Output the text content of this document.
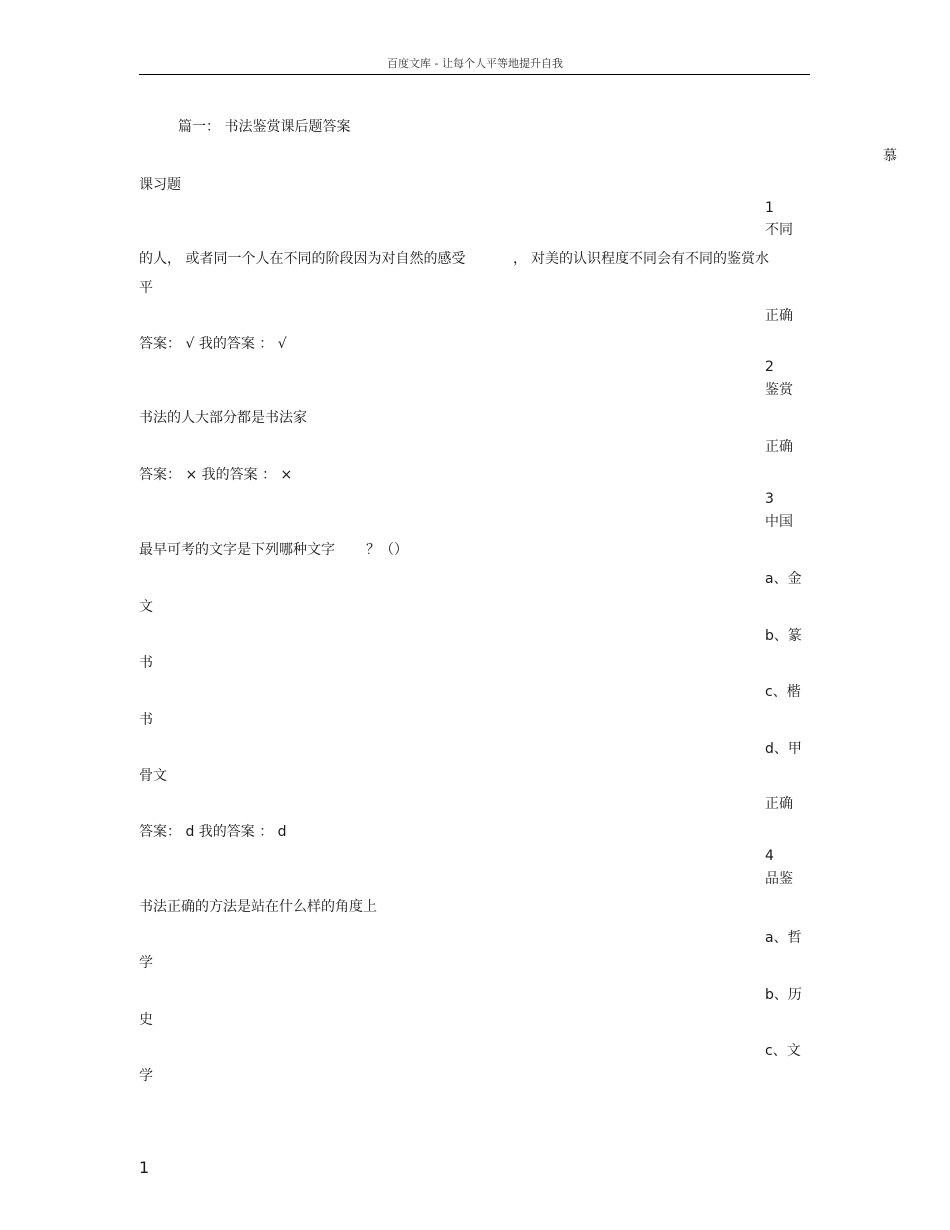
百度文库 - 让每个人平等地提升自我
篇一： 书法鉴赏课后题答案
慕
课习题
1
不同
的人， 或者同一个人在不同的阶段因为对自然的感受	， 对美的认识程度不同会有不同的鉴赏水
平
正确
答案： √ 我的答案 ： √
2
鉴赏
书法的人大部分都是书法家
正确
答案： × 我的答案 ： ×
3
中国
最早可考的文字是下列哪种文字 ？（）
a、金
文
b、篆
书
c、楷
书
d、甲
骨文
正确
答案： d 我的答案 ： d
4
品鉴
书法正确的方法是站在什么样的角度上
a、哲
学
b、历
史
c、文
学
1
